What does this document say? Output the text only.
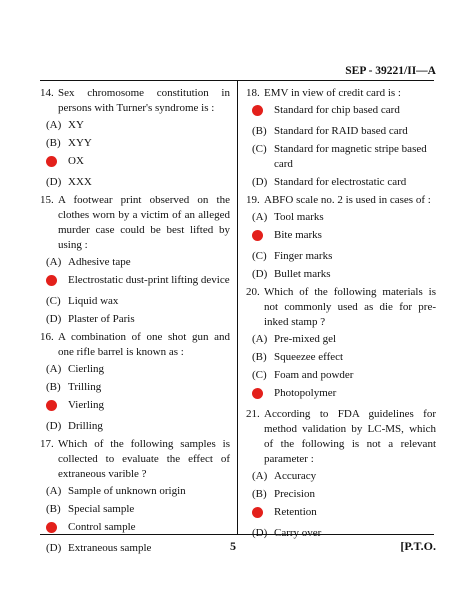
SEP - 39221/II—A
14. Sex chromosome constitution in persons with Turner's syndrome is :
(A) XY
(B) XYY
OX
(D) XXX
15. A footwear print observed on the clothes worn by a victim of an alleged murder case could be best lifted by using :
(A) Adhesive tape
Electrostatic dust-print lifting device
(C) Liquid wax
(D) Plaster of Paris
16. A combination of one shot gun and one rifle barrel is known as :
(A) Cierling
(B) Trilling
Vierling
(D) Drilling
17. Which of the following samples is collected to evaluate the effect of extraneous varible ?
(A) Sample of unknown origin
(B) Special sample
Control sample
(D) Extraneous sample
18. EMV in view of credit card is :
Standard for chip based card
(B) Standard for RAID based card
(C) Standard for magnetic stripe based card
(D) Standard for electrostatic card
19. ABFO scale no. 2 is used in cases of :
(A) Tool marks
Bite marks
(C) Finger marks
(D) Bullet marks
20. Which of the following materials is not commonly used as die for pre-inked stamp ?
(A) Pre-mixed gel
(B) Squeezee effect
(C) Foam and powder
Photopolymer
21. According to FDA guidelines for method validation by LC-MS, which of the following is not a relevant parameter :
(A) Accuracy
(B) Precision
Retention
(D) Carry over
5	[P.T.O.
